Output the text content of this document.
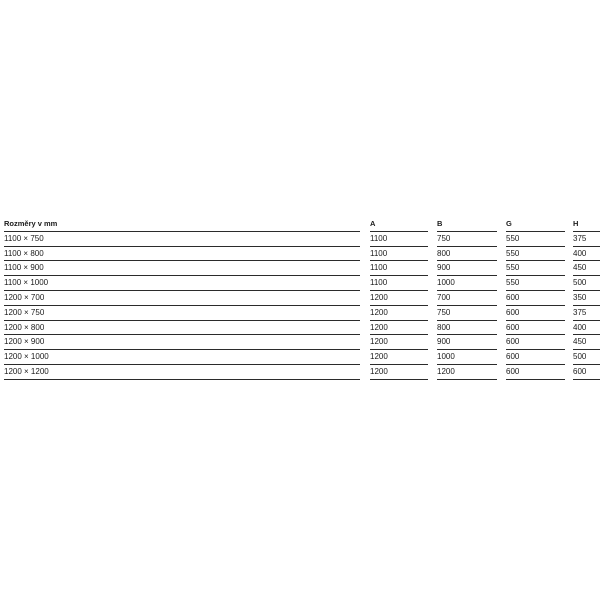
Rozměry v mm	A	B	G	H
1100 × 750	1100	750	550	375
1100 × 800	1100	800	550	400
1100 × 900	1100	900	550	450
1100 × 1000	1100	1000	550	500
1200 × 700	1200	700	600	350
1200 × 750	1200	750	600	375
1200 × 800	1200	800	600	400
1200 × 900	1200	900	600	450
1200 × 1000	1200	1000	600	500
1200 × 1200	1200	1200	600	600
